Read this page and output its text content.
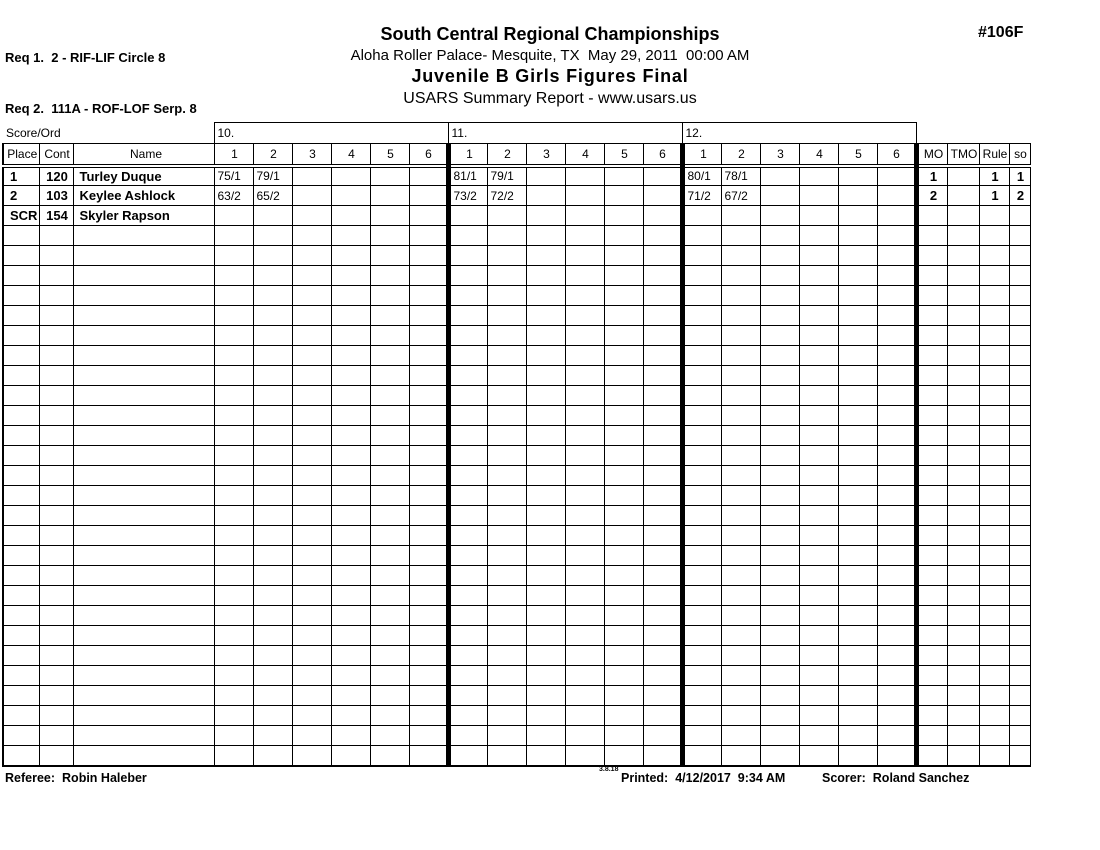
Req 1.  2 - RIF-LIF Circle 8

Req 2.  111A - ROF-LOF Serp. 8

South Central Regional Championships
Aloha Roller Palace- Mesquite, TX  May 29, 2011  00:00 AM
Juvenile B Girls Figures Final
USARS Summary Report - www.usars.us
#106F
Score/Ord			10.						11.						12.									
Place	Cont	Name	1	2	3	4	5	6	1	2	3	4	5	6	1	2	3	4	5	6	MO	TMO	Rule	so
1	120	Turley Duque	75/1	79/1					81/1	79/1					80/1	78/1					1		1	1
2	103	Keylee Ashlock	63/2	65/2					73/2	72/2					71/2	67/2					2		1	2
SCR	154	Skyler Rapson																						

Referee: Robin Haleber
3.8.18
Printed: 4/12/2017  9:34 AM	Scorer: Roland Sanchez
